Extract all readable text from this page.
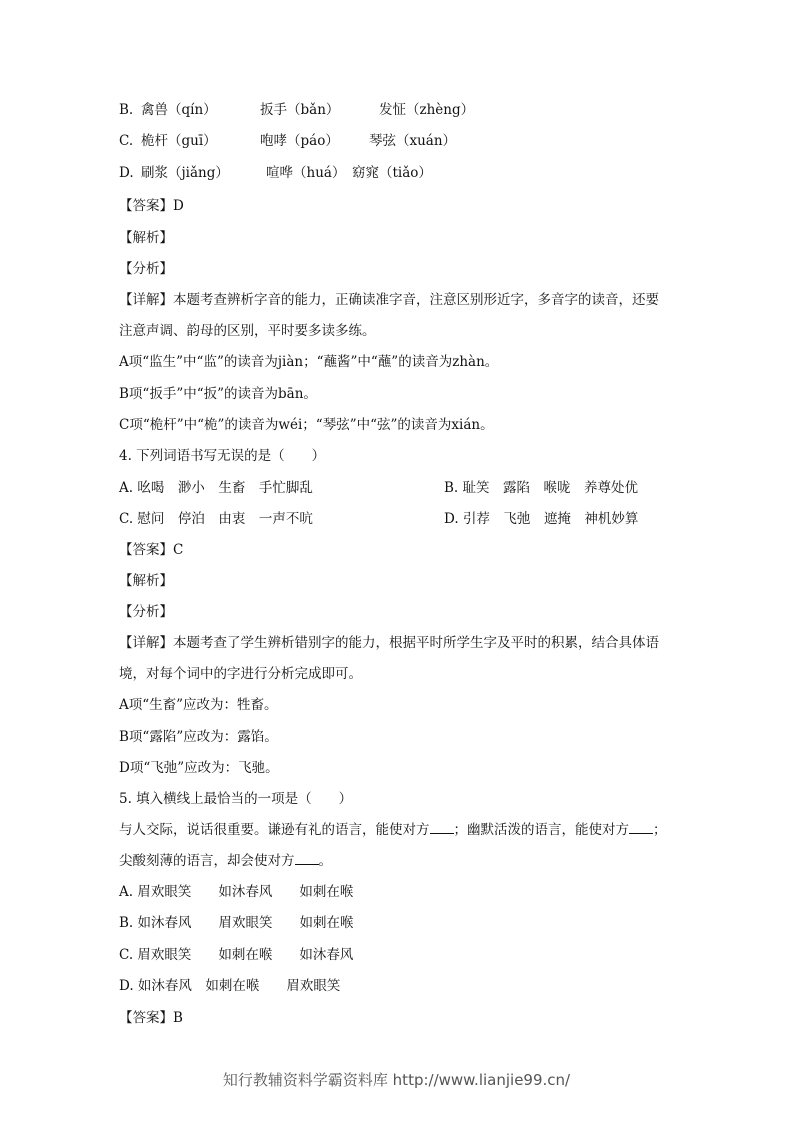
B. 禽兽（qín）	扳手（bǎn）	发怔（zhèng）
C. 桅杆（guī）	咆哮（páo） 琴弦（xuán）
D. 刷浆（jiǎng）	喧哗（huá） 窈窕（tiǎo）
【答案】D
【解析】
【分析】
【详解】本题考查辨析字音的能力，正确读准字音，注意区别形近字，多音字的读音，还要
注意声调、韵母的区别，平时要多读多练。
A项“监生”中“监”的读音为jiàn；“蘸酱”中“蘸”的读音为zhàn。
B项“扳手”中“扳”的读音为bān。
C项“桅杆”中“桅”的读音为wéi；“琴弦”中“弦”的读音为xián。
4. 下列词语书写无误的是（　　）
A. 吆喝　渺小　生畜　手忙脚乱	B. 耻笑　露陷　喉咙　养尊处优
C. 慰问　停泊　由衷　一声不吭	D. 引荐　飞弛　遮掩　神机妙算
【答案】C
【解析】
【分析】
【详解】本题考查了学生辨析错别字的能力，根据平时所学生字及平时的积累，结合具体语
境，对每个词中的字进行分析完成即可。
A项“生畜”应改为：牲畜。
B项“露陷”应改为：露馅。
D项“飞弛”应改为：飞驰。
5. 填入横线上最恰当的一项是（　　）
与人交际，说话很重要。谦逊有礼的语言，能使对方 ；幽默活泼的语言，能使对方 ；
尖酸刻薄的语言，却会使对方 。
A. 眉欢眼笑　　如沐春风　　如刺在喉
B. 如沐春风　　眉欢眼笑　　如刺在喉
C. 眉欢眼笑　　如刺在喉　　如沐春风
D. 如沐春风　如刺在喉　　眉欢眼笑
【答案】B
知行教辅资料学霸资料库 http://www.lianjie99.cn/
